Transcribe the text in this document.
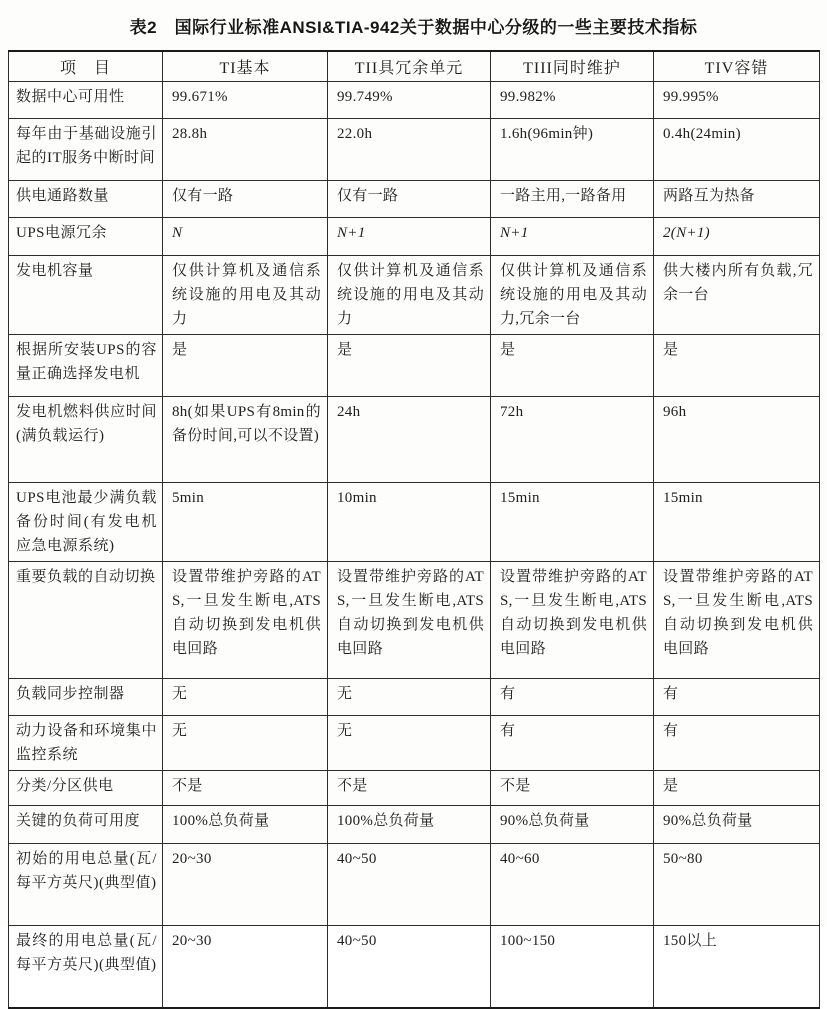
表2　国际行业标准ANSI&TIA-942关于数据中心分级的一些主要技术指标
项　目	TI基本	TII具冗余单元	TIII同时维护	TIV容错
数据中心可用性	99.671%	99.749%	99.982%	99.995%
每年由于基础设施引起的IT服务中断时间	28.8h	22.0h	1.6h(96min钟)	0.4h(24min)
供电通路数量	仅有一路	仅有一路	一路主用,一路备用	两路互为热备
UPS电源冗余	N	N+1	N+1	2(N+1)
发电机容量	仅供计算机及通信系统设施的用电及其动力	仅供计算机及通信系统设施的用电及其动力	仅供计算机及通信系统设施的用电及其动力,冗余一台	供大楼内所有负载,冗余一台
根据所安装UPS的容量正确选择发电机	是	是	是	是
发电机燃料供应时间(满负载运行)	8h(如果UPS有8min的备份时间,可以不设置)	24h	72h	96h
UPS电池最少满负载备份时间(有发电机应急电源系统)	5min	10min	15min	15min
重要负载的自动切换	设置带维护旁路的ATS,一旦发生断电,ATS自动切换到发电机供电回路	设置带维护旁路的ATS,一旦发生断电,ATS自动切换到发电机供电回路	设置带维护旁路的ATS,一旦发生断电,ATS自动切换到发电机供电回路	设置带维护旁路的ATS,一旦发生断电,ATS自动切换到发电机供电回路
负载同步控制器	无	无	有	有
动力设备和环境集中监控系统	无	无	有	有
分类/分区供电	不是	不是	不是	是
关键的负荷可用度	100%总负荷量	100%总负荷量	90%总负荷量	90%总负荷量
初始的用电总量(瓦/每平方英尺)(典型值)	20~30	40~50	40~60	50~80
最终的用电总量(瓦/每平方英尺)(典型值)	20~30	40~50	100~150	150以上
